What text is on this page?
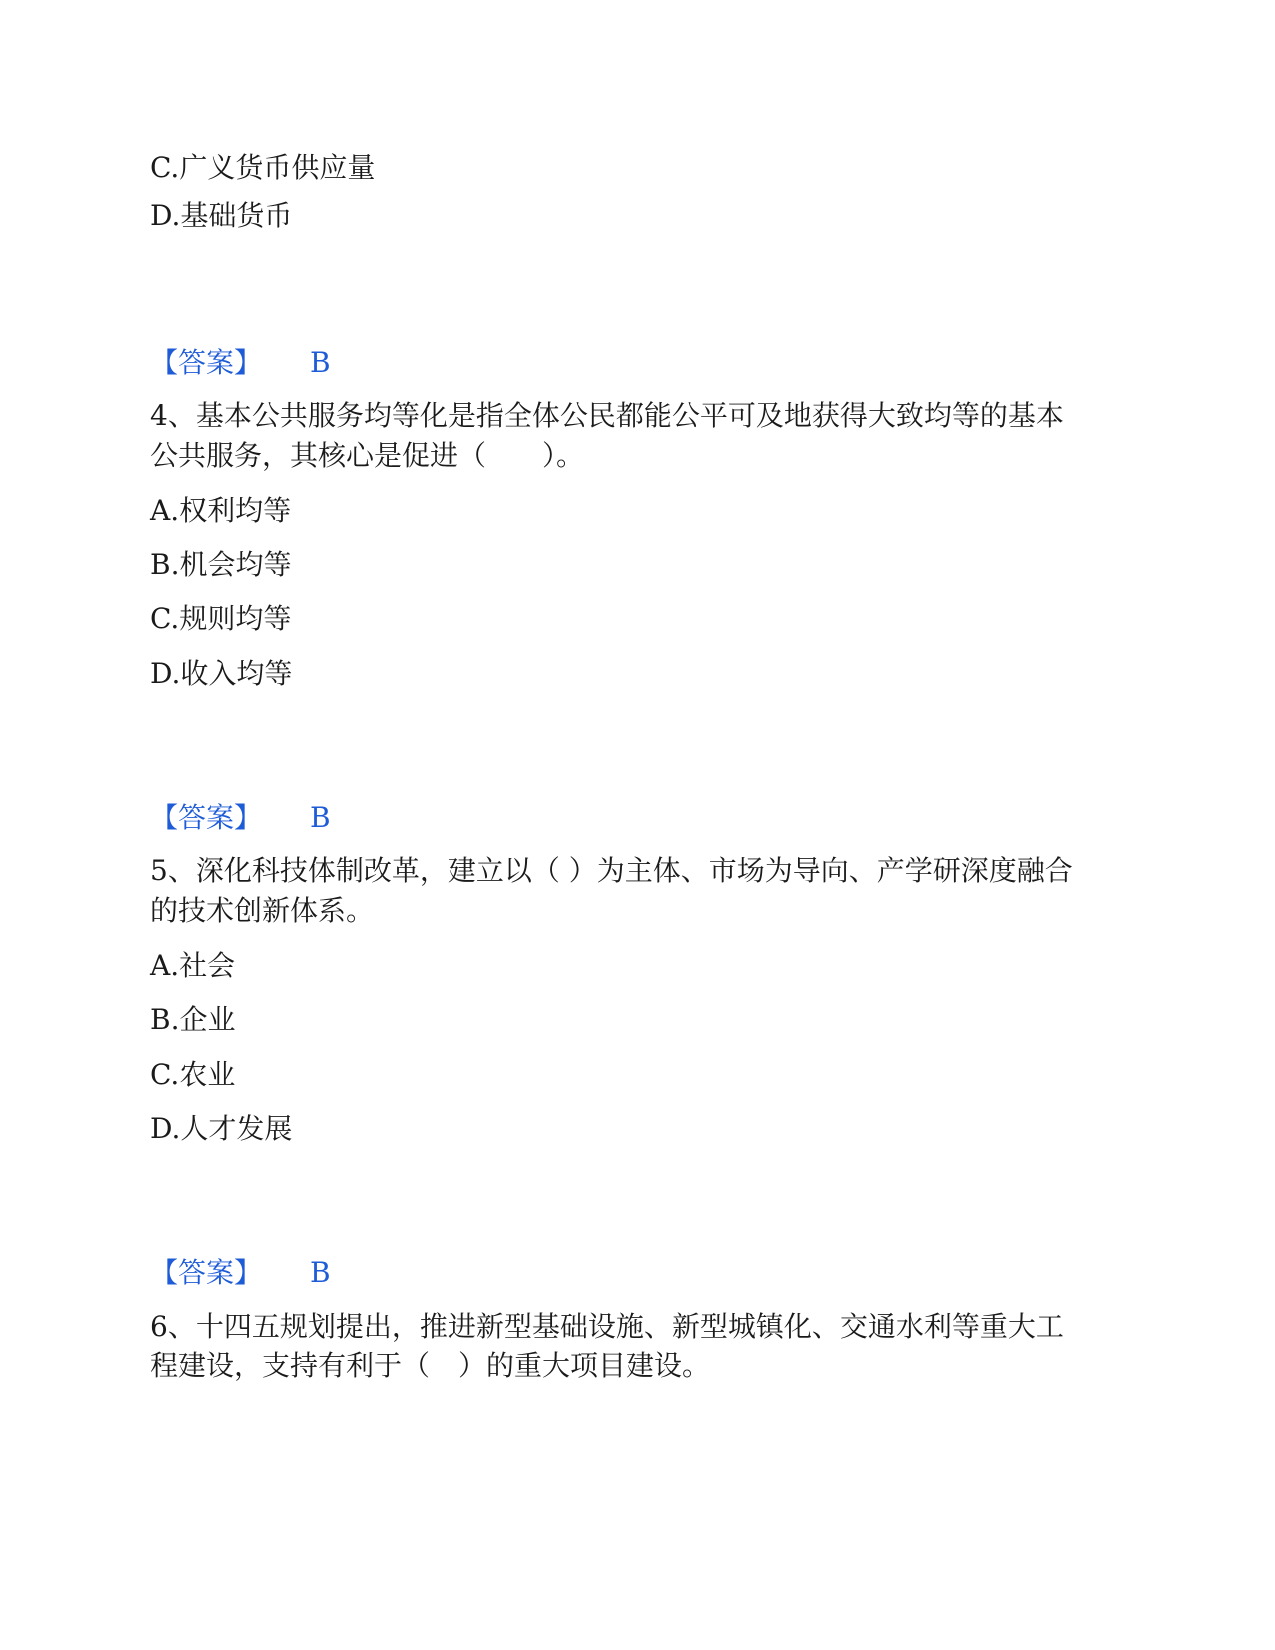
C.广义货币供应量
D.基础货币
【答案】 B
4、基本公共服务均等化是指全体公民都能公平可及地获得大致均等的基本
公共服务，其核心是促进（　　）。
A.权利均等
B.机会均等
C.规则均等
D.收入均等
【答案】 B
5、深化科技体制改革，建立以（ ）为主体、市场为导向、产学研深度融合
的技术创新体系。
A.社会
B.企业
C.农业
D.人才发展
【答案】 B
6、十四五规划提出，推进新型基础设施、新型城镇化、交通水利等重大工
程建设，支持有利于（　）的重大项目建设。
